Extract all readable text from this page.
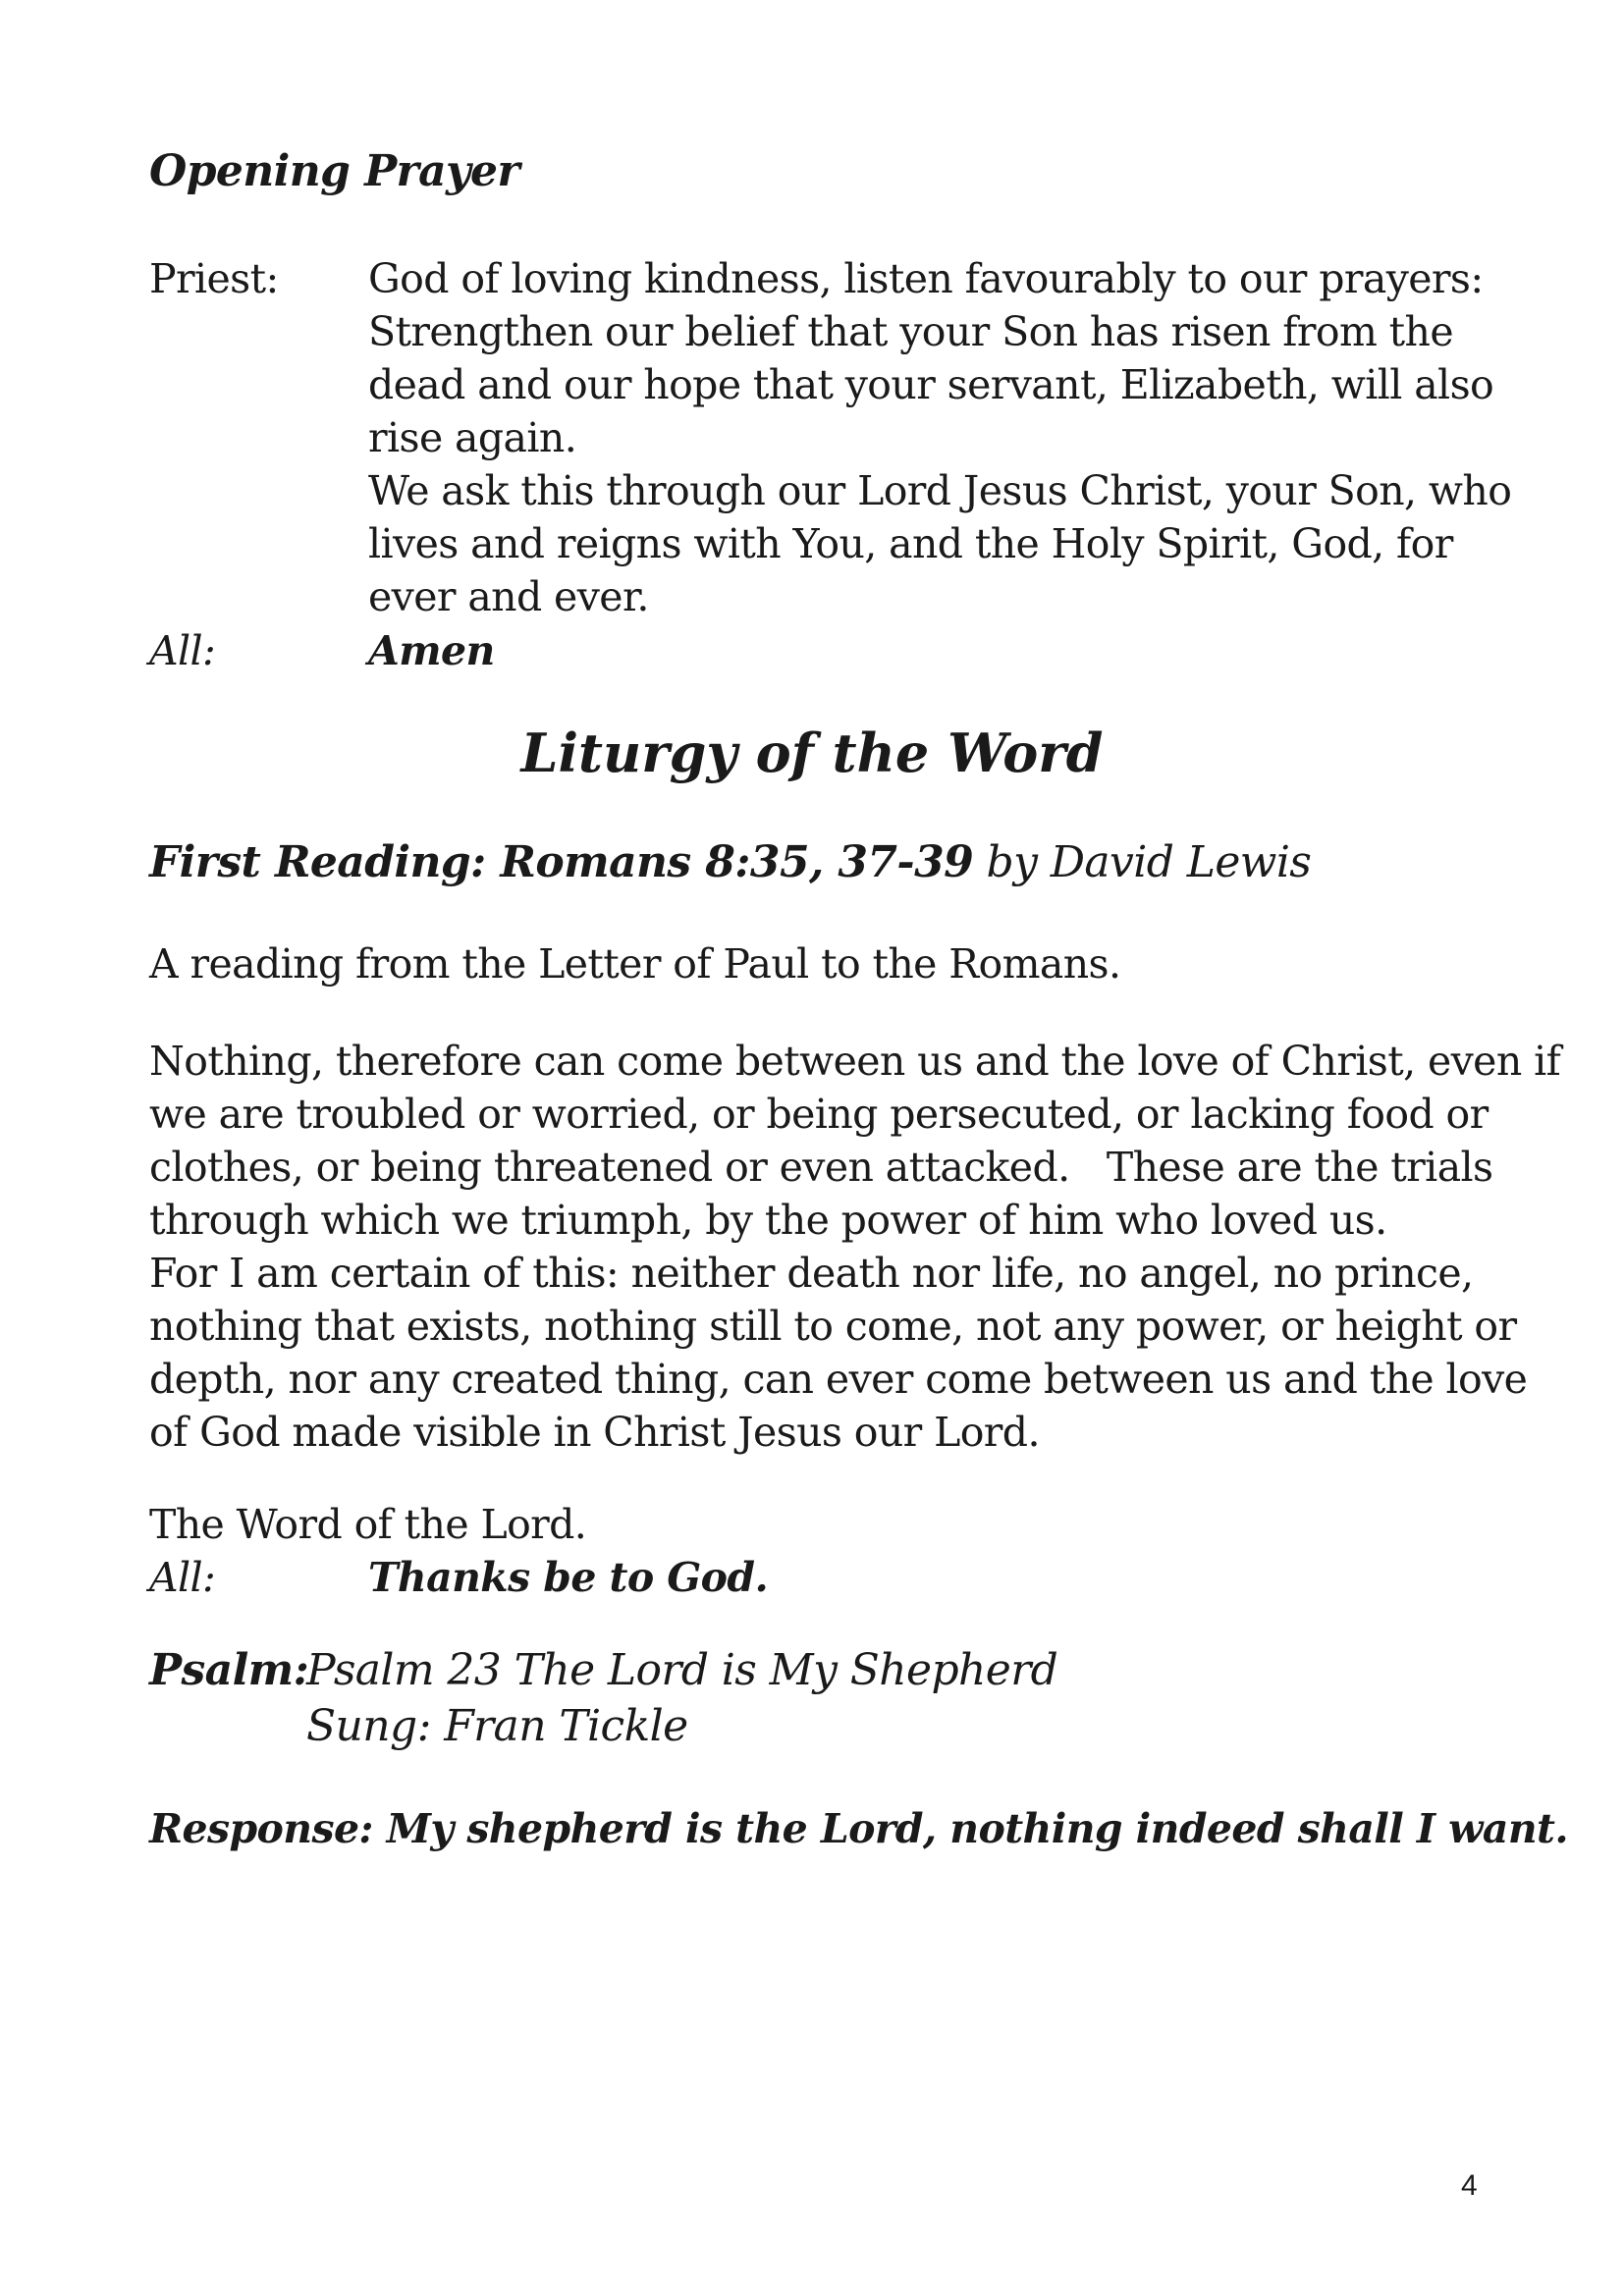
Opening Prayer
Priest: God of loving kindness, listen favourably to our prayers:
Strengthen our belief that your Son has risen from the
dead and our hope that your servant, Elizabeth, will also
rise again.
We ask this through our Lord Jesus Christ, your Son, who
lives and reigns with You, and the Holy Spirit, God, for
ever and ever.
All:	Amen
Liturgy of the Word
First Reading: Romans 8:35, 37-39 by David Lewis
A reading from the Letter of Paul to the Romans.
Nothing, therefore can come between us and the love of Christ, even if
we are troubled or worried, or being persecuted, or lacking food or
clothes, or being threatened or even attacked.   These are the trials
through which we triumph, by the power of him who loved us.
For I am certain of this: neither death nor life, no angel, no prince,
nothing that exists, nothing still to come, not any power, or height or
depth, nor any created thing, can ever come between us and the love
of God made visible in Christ Jesus our Lord.
The Word of the Lord.
All:	Thanks be to God.
Psalm:
Psalm 23 The Lord is My Shepherd
Sung: Fran Tickle
Response: My shepherd is the Lord, nothing indeed shall I want.
4
